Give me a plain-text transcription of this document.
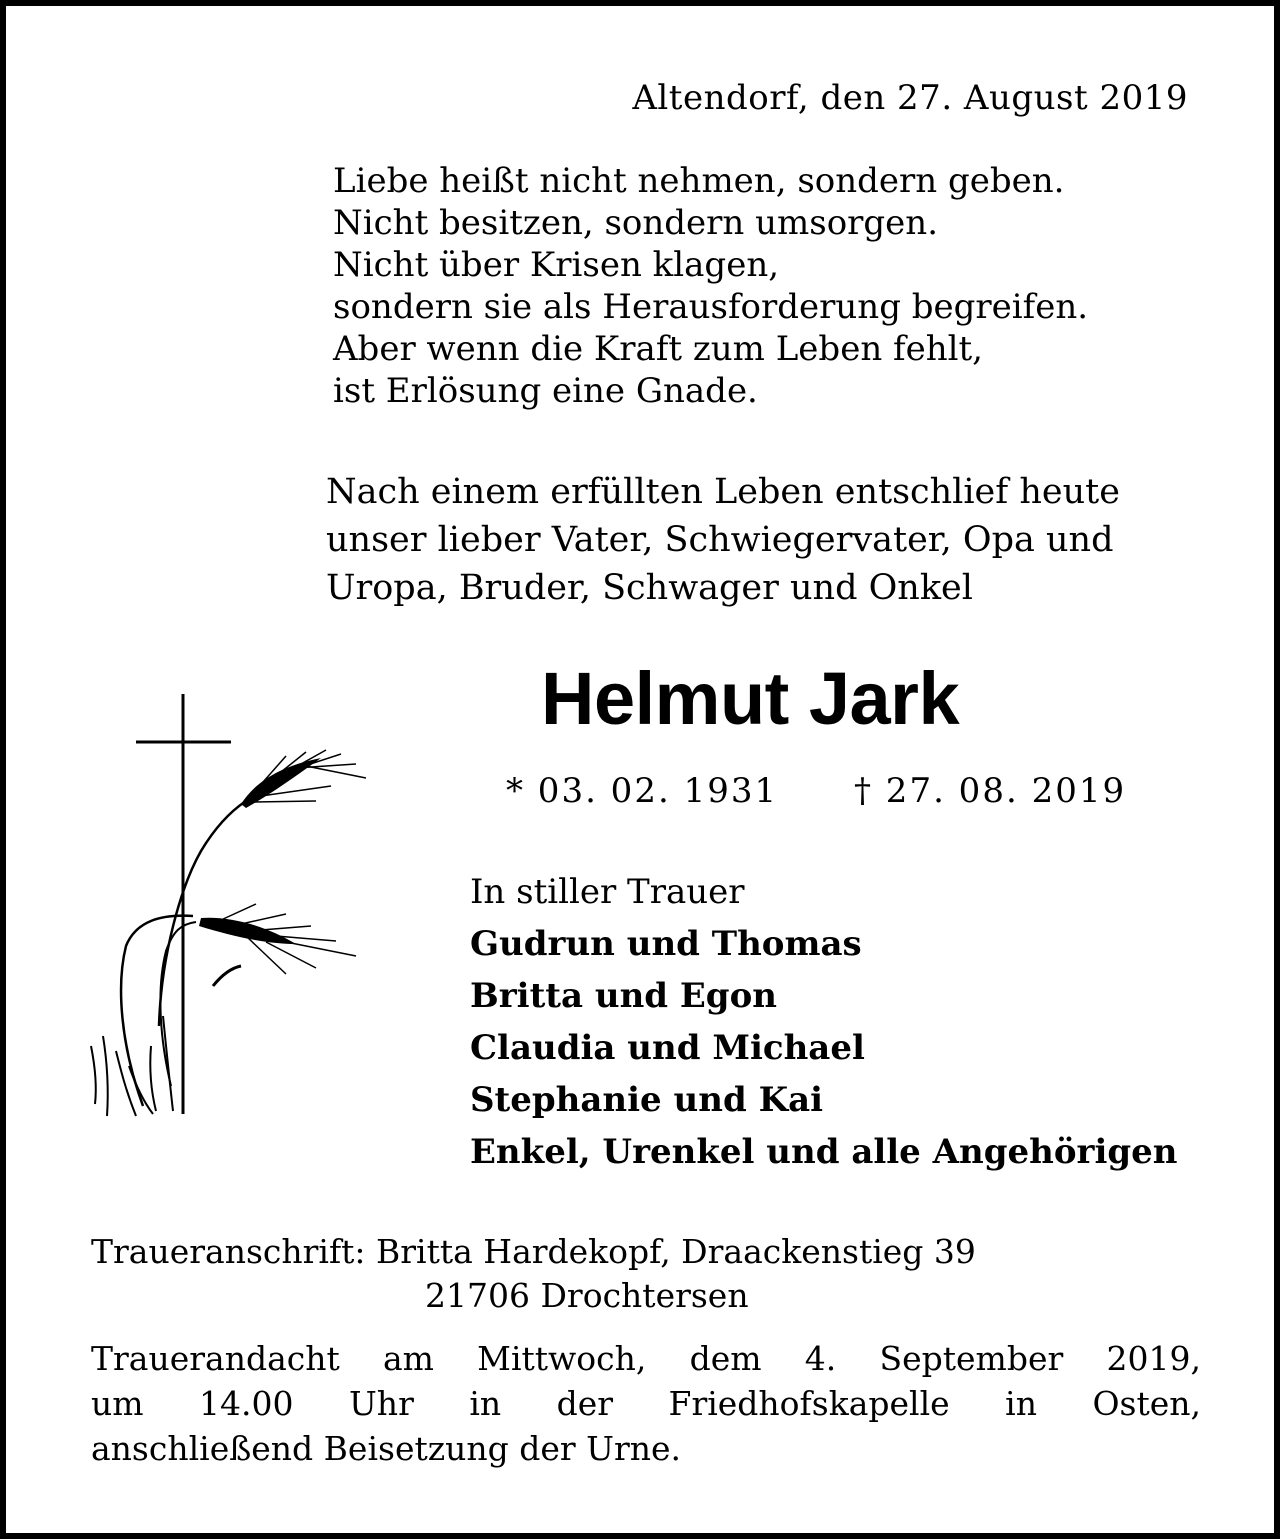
Altendorf, den 27. August 2019
Liebe heißt nicht nehmen, sondern geben.
Nicht besitzen, sondern umsorgen.
Nicht über Krisen klagen,
sondern sie als Herausforderung begreifen.
Aber wenn die Kraft zum Leben fehlt,
ist Erlösung eine Gnade.
Nach einem erfüllten Leben entschlief heute
unser lieber Vater, Schwiegervater, Opa und
Uropa, Bruder, Schwager und Onkel
Helmut Jark
* 03. 02. 1931 † 27. 08. 2019
In stiller Trauer
Gudrun und Thomas
Britta und Egon
Claudia und Michael
Stephanie und Kai
Enkel, Urenkel und alle Angehörigen
Traueranschrift: Britta Hardekopf, Draackenstieg 39
21706 Drochtersen
Trauerandacht am Mittwoch, dem 4. September 2019,
um 14.00 Uhr in der Friedhofskapelle in Osten,
anschließend Beisetzung der Urne.
